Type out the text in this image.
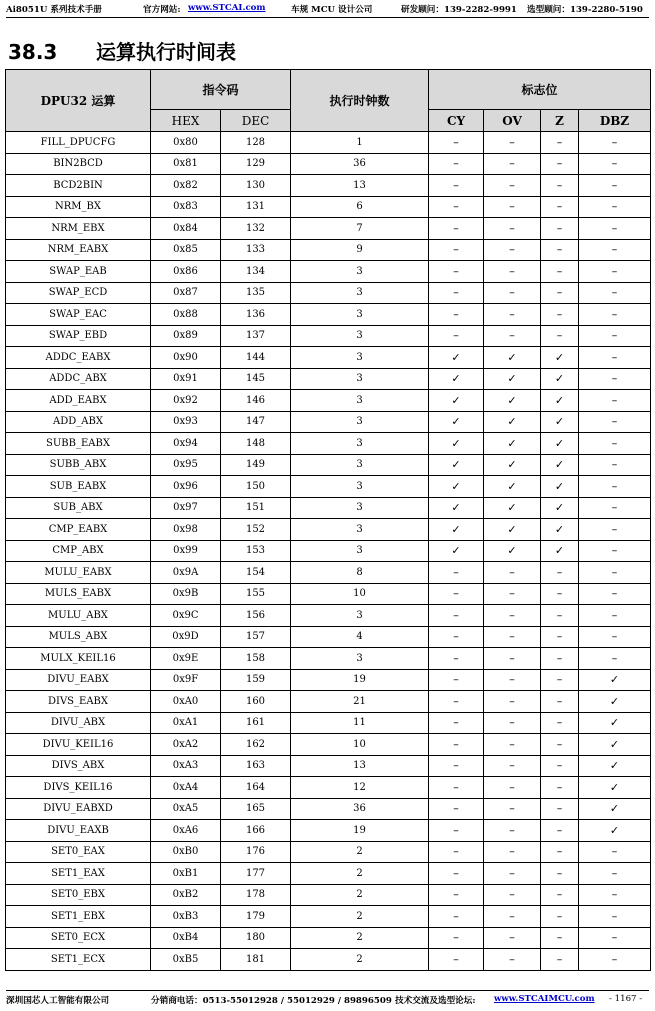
Ai8051U 系列技术手册	官方网站: www.STCAI.com	车规 MCU 设计公司	研发顾问：139-2282-9991 选型顾问：139-2280-5190
38.3 运算执行时间表
DPU32 运算	指令码		执行时钟数	标志位			
	HEX	DEC		CY	OV	Z	DBZ
FILL_DPUCFG	0x80	128	1	–	–	–	–
BIN2BCD	0x81	129	36	–	–	–	–
BCD2BIN	0x82	130	13	–	–	–	–
NRM_BX	0x83	131	6	–	–	–	–
NRM_EBX	0x84	132	7	–	–	–	–
NRM_EABX	0x85	133	9	–	–	–	–
SWAP_EAB	0x86	134	3	–	–	–	–
SWAP_ECD	0x87	135	3	–	–	–	–
SWAP_EAC	0x88	136	3	–	–	–	–
SWAP_EBD	0x89	137	3	–	–	–	–
ADDC_EABX	0x90	144	3	✓	✓	✓	–
ADDC_ABX	0x91	145	3	✓	✓	✓	–
ADD_EABX	0x92	146	3	✓	✓	✓	–
ADD_ABX	0x93	147	3	✓	✓	✓	–
SUBB_EABX	0x94	148	3	✓	✓	✓	–
SUBB_ABX	0x95	149	3	✓	✓	✓	–
SUB_EABX	0x96	150	3	✓	✓	✓	–
SUB_ABX	0x97	151	3	✓	✓	✓	–
CMP_EABX	0x98	152	3	✓	✓	✓	–
CMP_ABX	0x99	153	3	✓	✓	✓	–
MULU_EABX	0x9A	154	8	–	–	–	–
MULS_EABX	0x9B	155	10	–	–	–	–
MULU_ABX	0x9C	156	3	–	–	–	–
MULS_ABX	0x9D	157	4	–	–	–	–
MULX_KEIL16	0x9E	158	3	–	–	–	–
DIVU_EABX	0x9F	159	19	–	–	–	✓
DIVS_EABX	0xA0	160	21	–	–	–	✓
DIVU_ABX	0xA1	161	11	–	–	–	✓
DIVU_KEIL16	0xA2	162	10	–	–	–	✓
DIVS_ABX	0xA3	163	13	–	–	–	✓
DIVS_KEIL16	0xA4	164	12	–	–	–	✓
DIVU_EABXD	0xA5	165	36	–	–	–	✓
DIVU_EAXB	0xA6	166	19	–	–	–	✓
SET0_EAX	0xB0	176	2	–	–	–	–
SET1_EAX	0xB1	177	2	–	–	–	–
SET0_EBX	0xB2	178	2	–	–	–	–
SET1_EBX	0xB3	179	2	–	–	–	–
SET0_ECX	0xB4	180	2	–	–	–	–
SET1_ECX	0xB5	181	2	–	–	–	–
深圳国芯人工智能有限公司	分销商电话：0513-55012928 / 55012929 / 89896509 技术交流及选型论坛: www.STCAIMCU.com - 1167 -
